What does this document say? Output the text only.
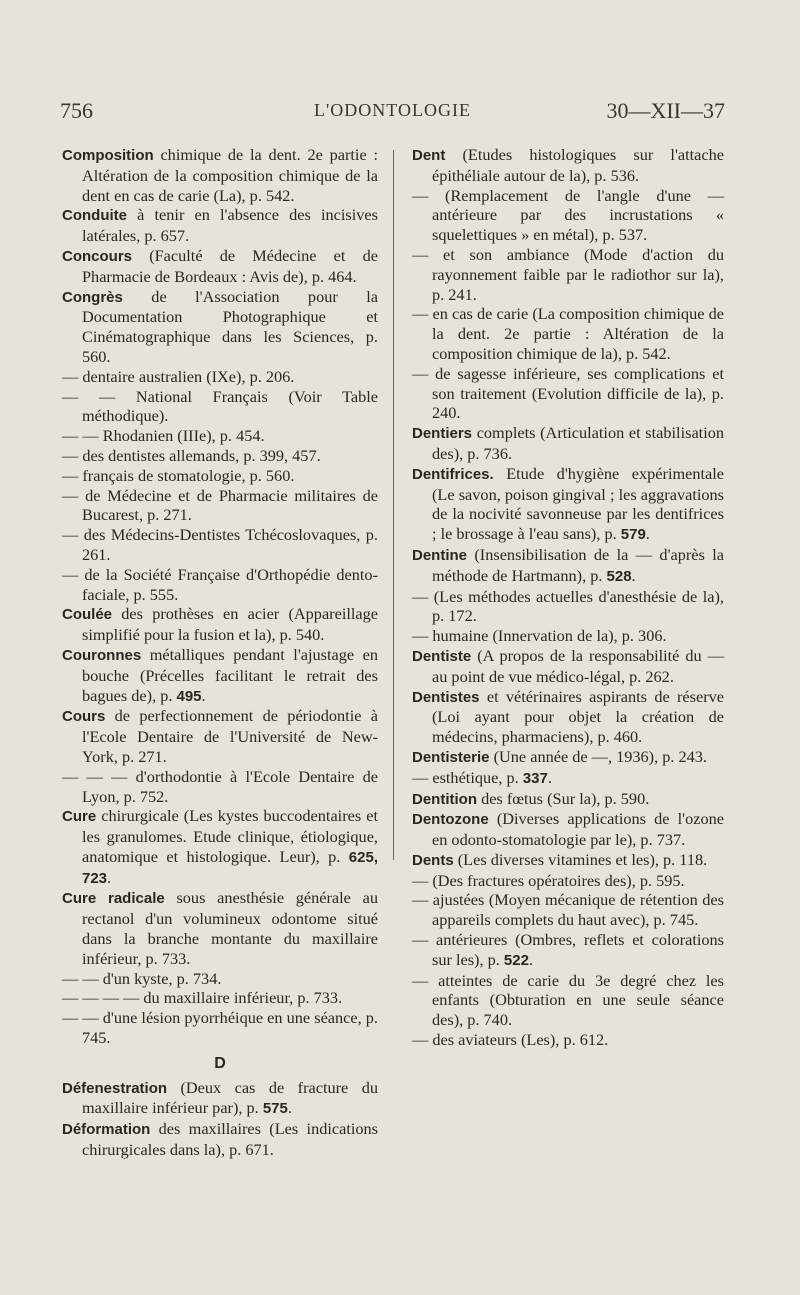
756	L'ODONTOLOGIE	30—XII—37

Composition chimique de la dent. 2e partie : Altération de la composition chimique de la dent en cas de carie (La), p. 542.

Conduite à tenir en l'absence des incisives latérales, p. 657.

Concours (Faculté de Médecine et de Pharmacie de Bordeaux : Avis de), p. 464.

Congrès de l'Association pour la Documentation Photographique et Cinématographique dans les Sciences, p. 560.

— dentaire australien (IXe), p. 206.

— — National Français (Voir Table méthodique).

— — Rhodanien (IIIe), p. 454.

— des dentistes allemands, p. 399, 457.

— français de stomatologie, p. 560.

— de Médecine et de Pharmacie militaires de Bucarest, p. 271.

— des Médecins-Dentistes Tchécoslovaques, p. 261.

— de la Société Française d'Orthopédie dento-faciale, p. 555.

Coulée des prothèses en acier (Appareillage simplifié pour la fusion et la), p. 540.

Couronnes métalliques pendant l'ajustage en bouche (Précelles facilitant le retrait des bagues de), p. 495.

Cours de perfectionnement de périodontie à l'Ecole Dentaire de l'Université de New-York, p. 271.

— — — d'orthodontie à l'Ecole Dentaire de Lyon, p. 752.

Cure chirurgicale (Les kystes buccodentaires et les granulomes. Etude clinique, étiologique, anatomique et histologique. Leur), p. 625, 723.

Cure radicale sous anesthésie générale au rectanol d'un volumineux odontome situé dans la branche montante du maxillaire inférieur, p. 733.

— — d'un kyste, p. 734.

— — — — du maxillaire inférieur, p. 733.

— — d'une lésion pyorrhéique en une séance, p. 745.

D

Défenestration (Deux cas de fracture du maxillaire inférieur par), p. 575.

Déformation des maxillaires (Les indications chirurgicales dans la), p. 671.

Dent (Etudes histologiques sur l'attache épithéliale autour de la), p. 536.

— (Remplacement de l'angle d'une — antérieure par des incrustations « squelettiques » en métal), p. 537.

— et son ambiance (Mode d'action du rayonnement faible par le radiothor sur la), p. 241.

— en cas de carie (La composition chimique de la dent. 2e partie : Altération de la composition chimique de la), p. 542.

— de sagesse inférieure, ses complications et son traitement (Evolution difficile de la), p. 240.

Dentiers complets (Articulation et stabilisation des), p. 736.

Dentifrices. Etude d'hygiène expérimentale (Le savon, poison gingival ; les aggravations de la nocivité savonneuse par les dentifrices ; le brossage à l'eau sans), p. 579.

Dentine (Insensibilisation de la — d'après la méthode de Hartmann), p. 528.

— (Les méthodes actuelles d'anesthésie de la), p. 172.

— humaine (Innervation de la), p. 306.

Dentiste (A propos de la responsabilité du — au point de vue médico-légal, p. 262.

Dentistes et vétérinaires aspirants de réserve (Loi ayant pour objet la création de médecins, pharmaciens), p. 460.

Dentisterie (Une année de —, 1936), p. 243.

— esthétique, p. 337.

Dentition des fœtus (Sur la), p. 590.

Dentozone (Diverses applications de l'ozone en odonto-stomatologie par le), p. 737.

Dents (Les diverses vitamines et les), p. 118.

— (Des fractures opératoires des), p. 595.

— ajustées (Moyen mécanique de rétention des appareils complets du haut avec), p. 745.

— antérieures (Ombres, reflets et colorations sur les), p. 522.

— atteintes de carie du 3e degré chez les enfants (Obturation en une seule séance des), p. 740.

— des aviateurs (Les), p. 612.
